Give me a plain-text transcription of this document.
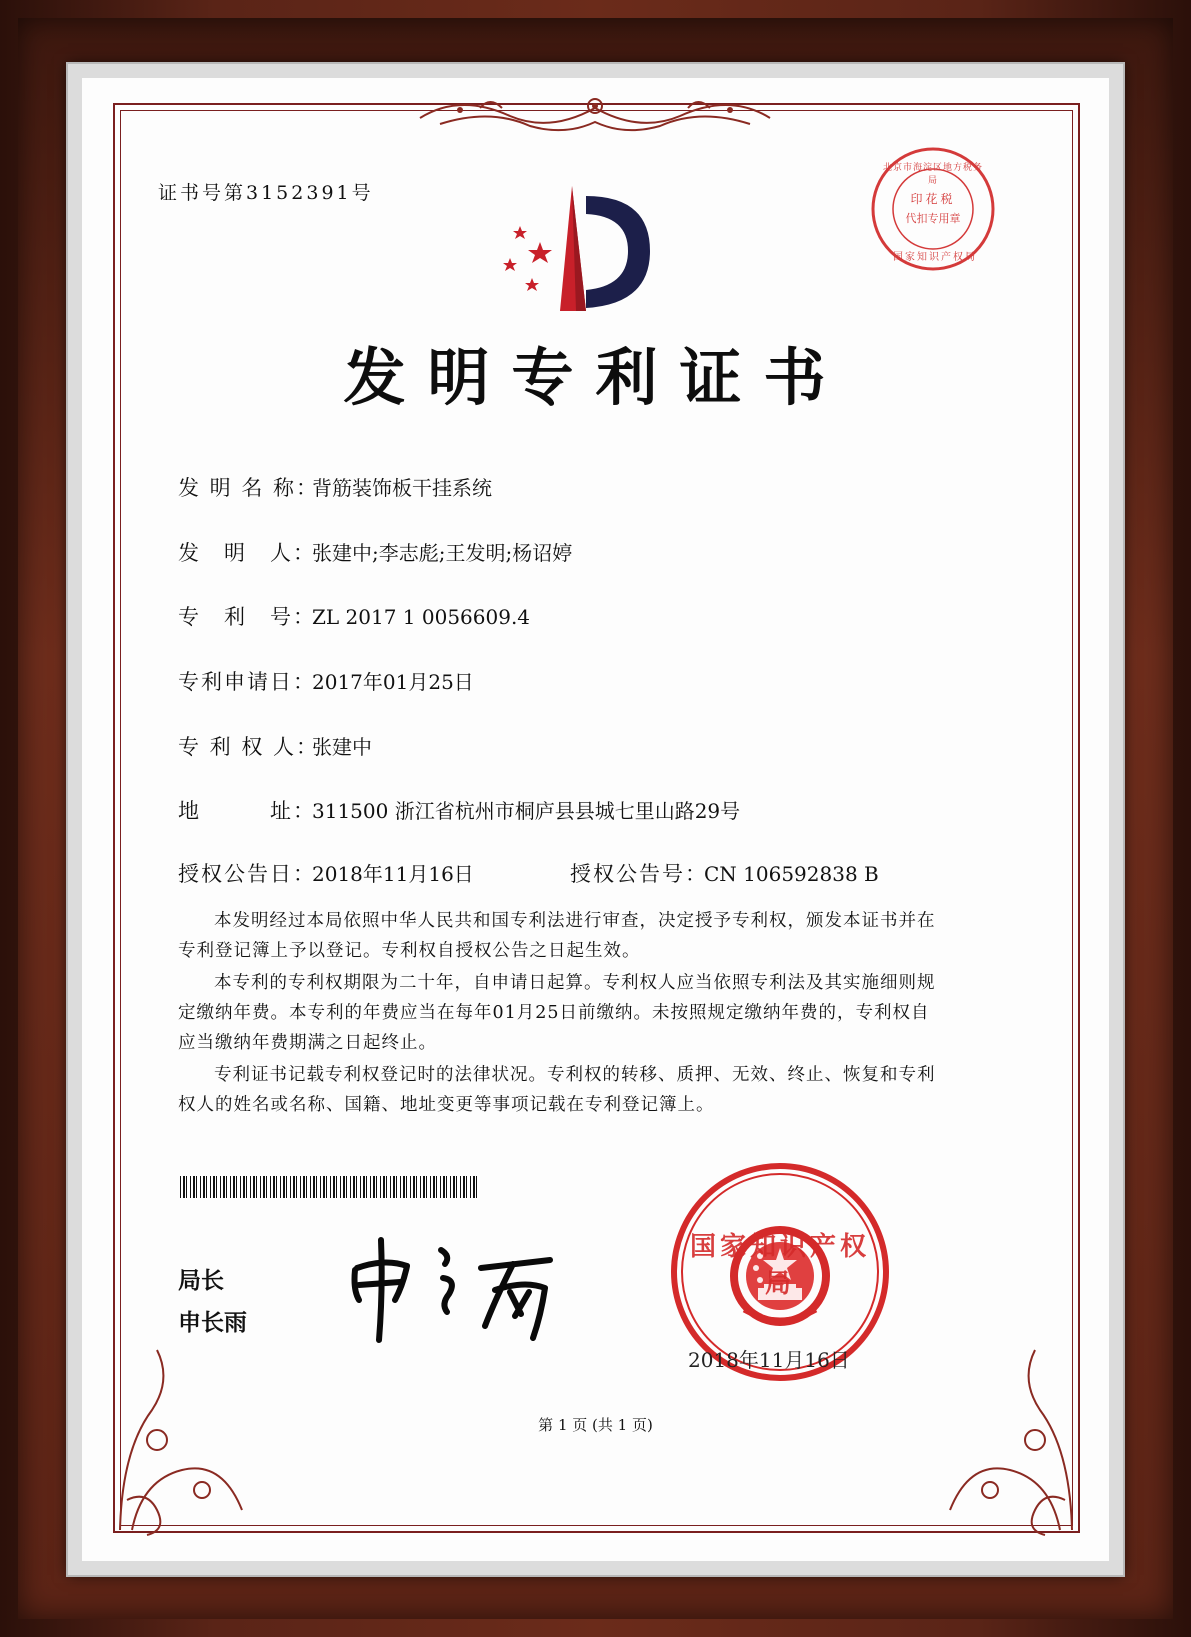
证书号第3152391号
北京市海淀区地方税务局
印花税
代扣专用章
国家知识产权局
发明专利证书
发 明 名 称：背筋装饰板干挂系统
发　明　人：张建中;李志彪;王发明;杨诏婷
专　利　号：ZL 2017 1 0056609.4
专利申请日：2017年01月25日
专 利 权 人：张建中
地　　　址：311500 浙江省杭州市桐庐县县城七里山路29号
授权公告日：2018年11月16日	授权公告号：CN 106592838 B
本发明经过本局依照中华人民共和国专利法进行审查，决定授予专利权，颁发本证书并在专利登记簿上予以登记。专利权自授权公告之日起生效。
本专利的专利权期限为二十年，自申请日起算。专利权人应当依照专利法及其实施细则规定缴纳年费。本专利的年费应当在每年01月25日前缴纳。未按照规定缴纳年费的，专利权自应当缴纳年费期满之日起终止。
专利证书记载专利权登记时的法律状况。专利权的转移、质押、无效、终止、恢复和专利权人的姓名或名称、国籍、地址变更等事项记载在专利登记簿上。
局长
申长雨
国家知识产权局
2018年11月16日
第 1 页 (共 1 页)
